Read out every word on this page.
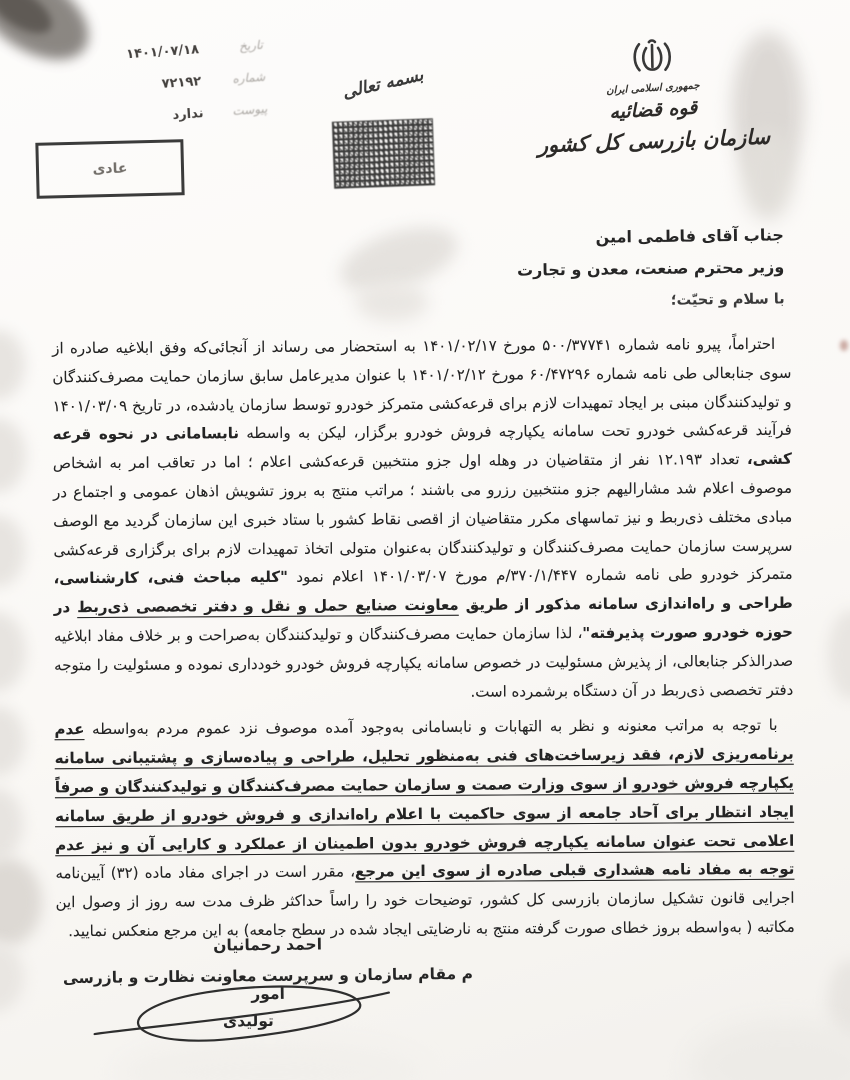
تاریخ
۱۴۰۱/۰۷/۱۸
شماره
۷۲۱۹۲
پیوست
ندارد
عادی
بسمه تعالی	جمهوری اسلامی ایران
قوه قضائیه
سازمان بازرسی کل کشور
جناب آقای فاطمی امین
وزیر محترم صنعت، معدن و تجارت
با سلام و تحیّت؛

احتراماً، پیرو نامه شماره ۵۰۰/۳۷۷۴۱ مورخ ۱۴۰۱/۰۲/۱۷ به استحضار می رساند از آنجائی‌که وفق ابلاغیه صادره از سوی جنابعالی طی نامه شماره ۶۰/۴۷۲۹۶ مورخ ۱۴۰۱/۰۲/۱۲ با عنوان مدیرعامل سابق سازمان حمایت مصرف‌کنندگان و تولیدکنندگان مبنی بر ایجاد تمهیدات لازم برای قرعه‌کشی متمرکز خودرو توسط سازمان یادشده، در تاریخ ۱۴۰۱/۰۳/۰۹ فرآیند قرعه‌کشی خودرو تحت سامانه یکپارچه فروش خودرو برگزار، لیکن به واسطه نابسامانی در نحوه قرعه کشی، تعداد ۱۲.۱۹۳ نفر از متقاضیان در وهله اول جزو منتخبین قرعه‌کشی اعلام ؛ اما در تعاقب امر به اشخاص موصوف اعلام شد مشارالیهم جزو منتخبین رزرو می باشند ؛ مراتب منتج به بروز تشویش اذهان عمومی و اجتماع در مبادی مختلف ذی‌ربط و نیز تماسهای مکرر متقاضیان از اقصی نقاط کشور با ستاد خبری این سازمان گردید مع الوصف سرپرست سازمان حمایت مصرف‌کنندگان و تولیدکنندگان به‌عنوان متولی اتخاذ تمهیدات لازم برای برگزاری قرعه‌کشی متمرکز خودرو طی نامه شماره ۳۷۰/۱/۴۴۷/م مورخ ۱۴۰۱/۰۳/۰۷ اعلام نمود "کلیه مباحث فنی، کارشناسی، طراحی و راه‌اندازی سامانه مذکور از طریق معاونت صنایع حمل و نقل و دفتر تخصصی ذی‌ربط در حوزه خودرو صورت پذیرفته"، لذا سازمان حمایت مصرف‌کنندگان و تولیدکنندگان به‌صراحت و بر خلاف مفاد ابلاغیه صدرالذکر جنابعالی، از پذیرش مسئولیت در خصوص سامانه یکپارچه فروش خودرو خودداری نموده و مسئولیت را متوجه دفتر تخصصی ذی‌ربط در آن دستگاه برشمرده است.

با توجه به مراتب معنونه و نظر به التهابات و نابسامانی به‌وجود آمده موصوف نزد عموم مردم به‌واسطه عدم برنامه‌ریزی لازم، فقد زیرساخت‌های فنی به‌منظور تحلیل، طراحی و پیاده‌سازی و پشتیبانی سامانه یکپارچه فروش خودرو از سوی وزارت صمت و سازمان حمایت مصرف‌کنندگان و تولیدکنندگان و صرفاً ایجاد انتظار برای آحاد جامعه از سوی حاکمیت با اعلام راه‌اندازی و فروش خودرو از طریق سامانه اعلامی تحت عنوان سامانه یکپارچه فروش خودرو بدون اطمینان از عملکرد و کارایی آن و نیز عدم توجه به مفاد نامه هشداری قبلی صادره از سوی این مرجع، مقرر است در اجرای مفاد ماده (۳۲) آیین‌نامه اجرایی قانون تشکیل سازمان بازرسی کل کشور، توضیحات خود را راساً حداکثر ظرف مدت سه روز از وصول این مکاتبه ( به‌واسطه بروز خطای صورت گرفته منتج به نارضایتی ایجاد شده در سطح جامعه) به این مرجع منعکس نمایید.

احمد رحمانیان
م مقام سازمان و سرپرست معاونت نظارت و بازرسی امور
تولیدی
